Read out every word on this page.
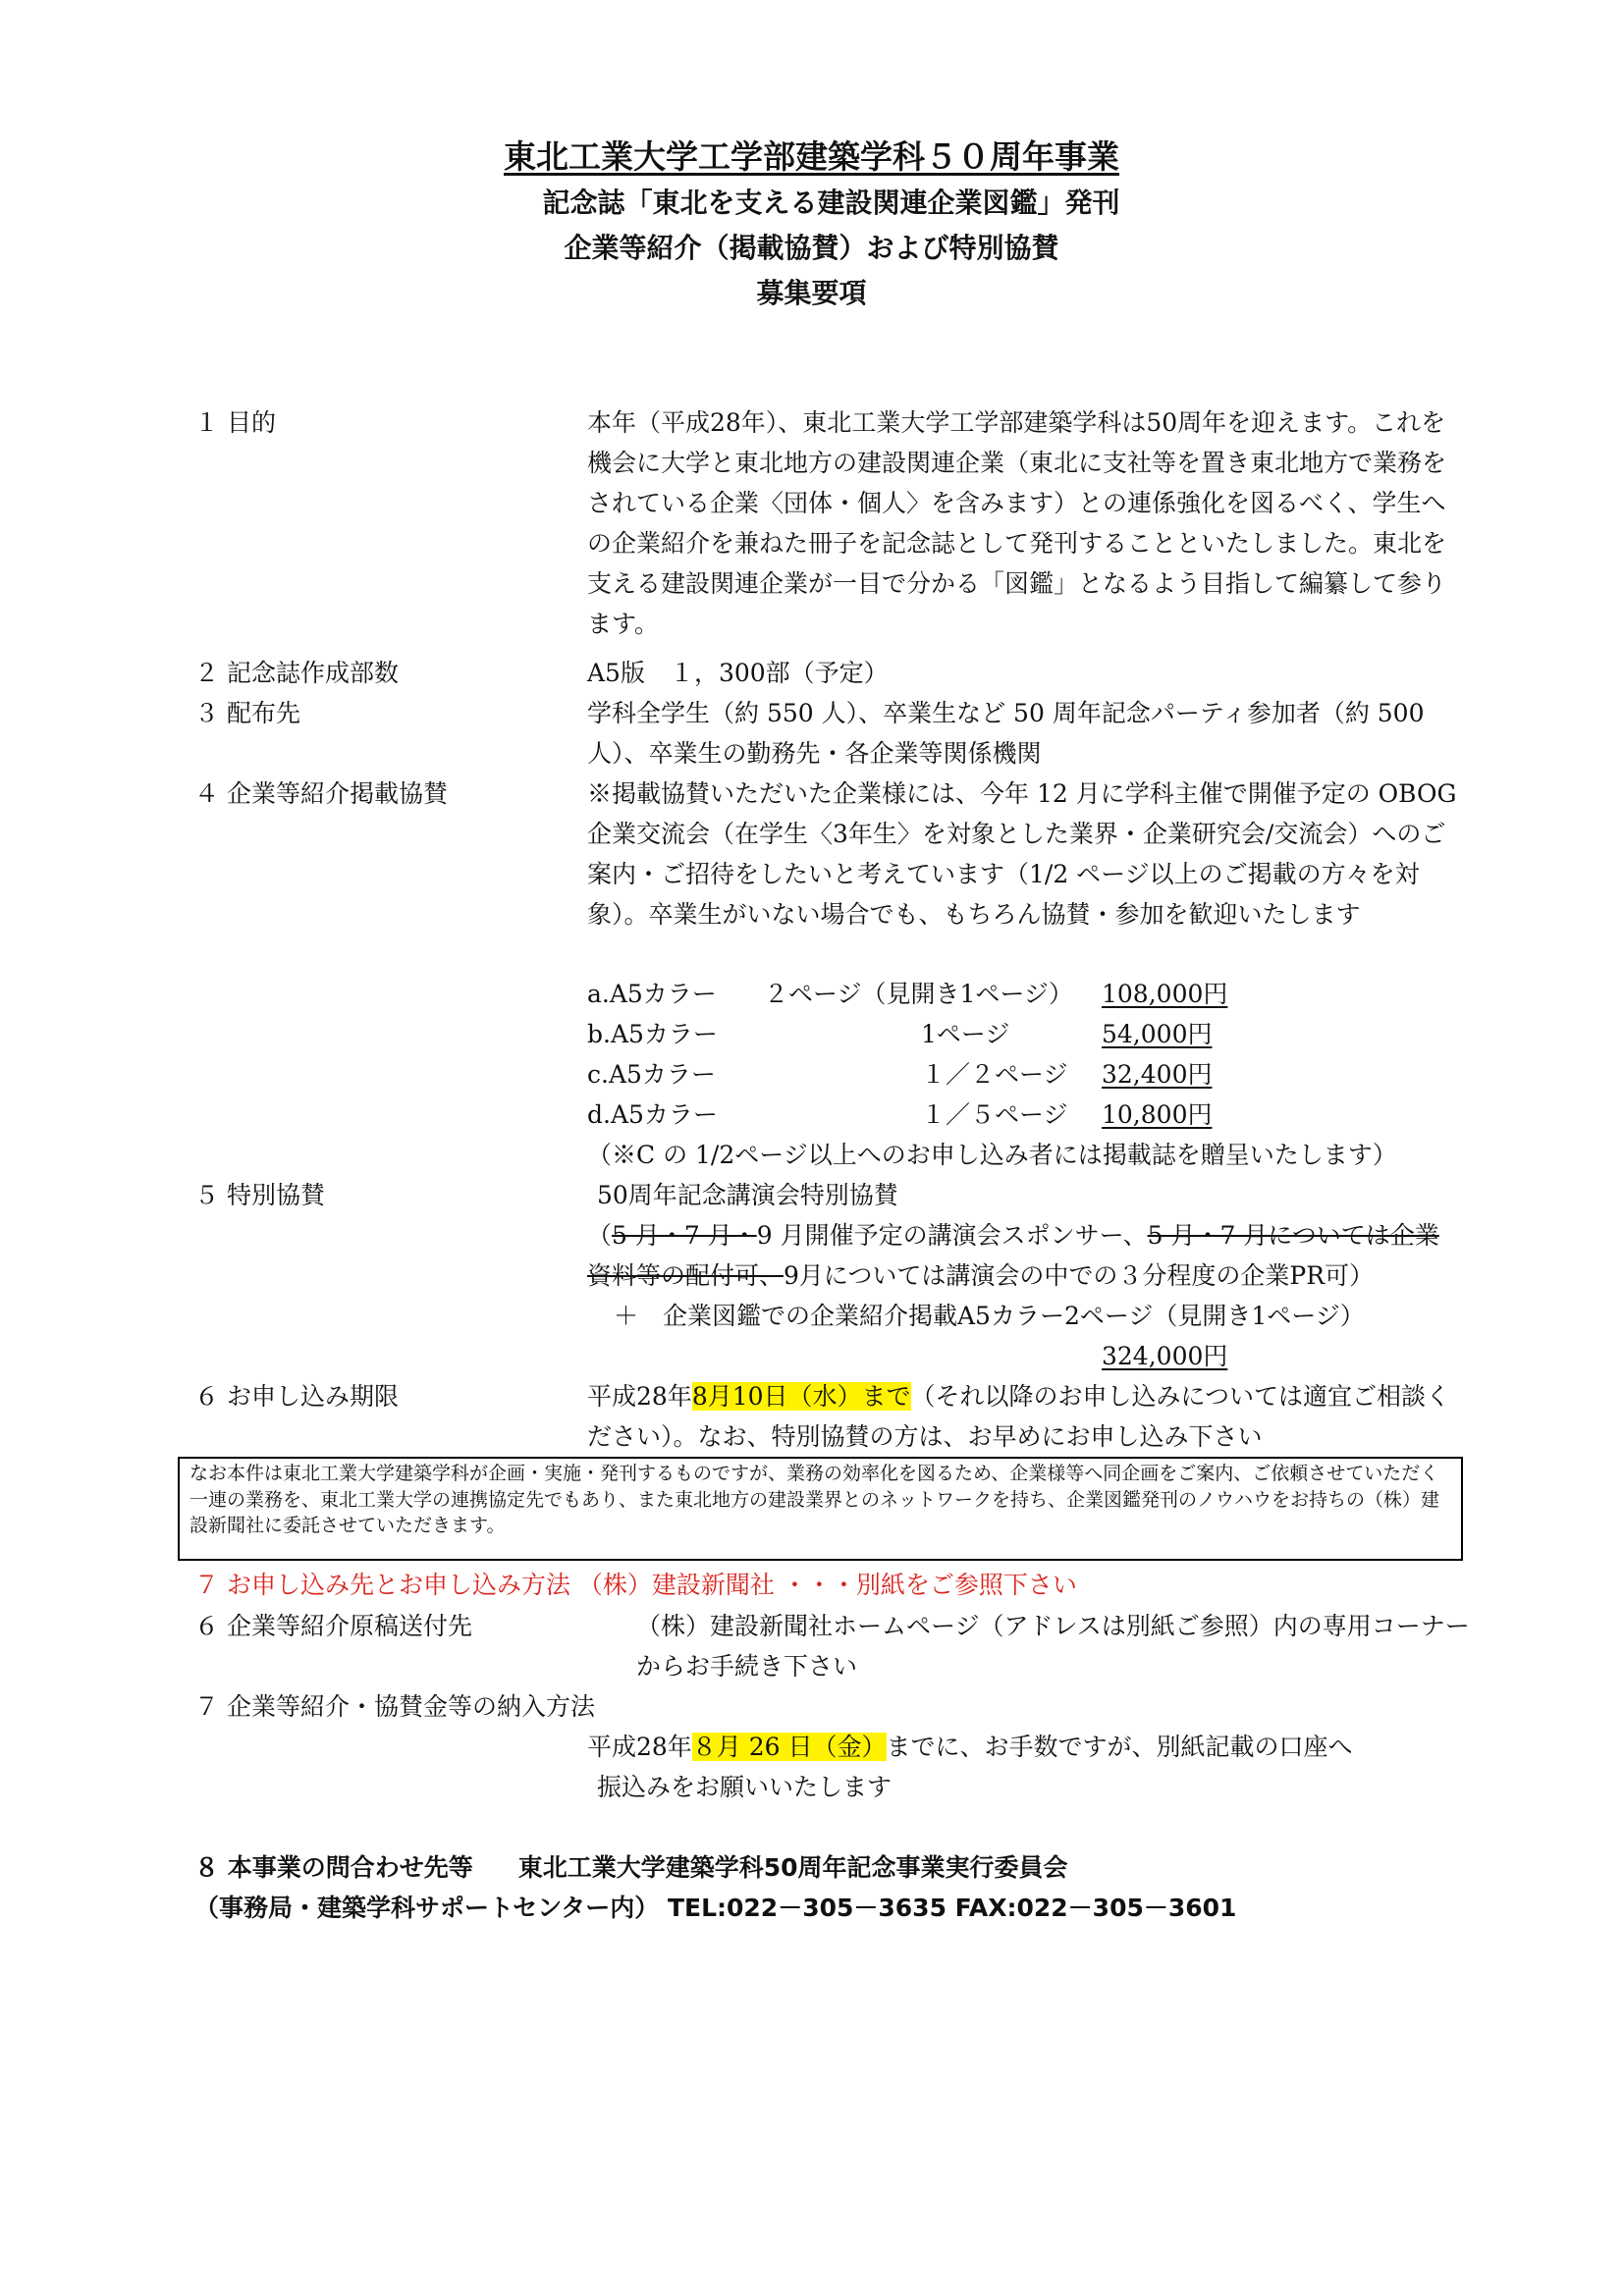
東北工業大学工学部建築学科５０周年事業
記念誌「東北を支える建設関連企業図鑑」発刊
企業等紹介（掲載協賛）および特別協賛
募集要項
１ 目的	本年（平成28年）、東北工業大学工学部建築学科は50周年を迎えます。これを機会に大学と東北地方の建設関連企業（東北に支社等を置き東北地方で業務をされている企業〈団体・個人〉を含みます）との連係強化を図るべく、学生への企業紹介を兼ねた冊子を記念誌として発刊することといたしました。東北を支える建設関連企業が一目で分かる「図鑑」となるよう目指して編纂して参ります。
２ 記念誌作成部数	A5版　１，300部（予定）
３ 配布先	学科全学生（約 550 人）、卒業生など 50 周年記念パーティ参加者（約 500 人）、卒業生の勤務先・各企業等関係機関
４ 企業等紹介掲載協賛	※掲載協賛いただいた企業様には、今年 12 月に学科主催で開催予定の OBOG 企業交流会（在学生〈3年生〉を対象とした業界・企業研究会/交流会）へのご案内・ご招待をしたいと考えています（1/2 ページ以上のご掲載の方々を対象）。卒業生がいない場合でも、もちろん協賛・参加を歓迎いたします
a.A5カラー ２ページ（見開き1ページ） 108,000円
b.A5カラー	1ページ	54,000円
c.A5カラー	１／２ページ 32,400円
d.A5カラー	１／５ページ 10,800円
（※C の 1/2ページ以上へのお申し込み者には掲載誌を贈呈いたします）
５ 特別協賛	50周年記念講演会特別協賛
（5 月・7 月・9 月開催予定の講演会スポンサー、5 月・7 月については企業
資料等の配付可、9月については講演会の中での３分程度の企業PR可）
＋　企業図鑑での企業紹介掲載A5カラー2ページ（見開き1ページ）
324,000円
６ お申し込み期限	平成28年8月10日（水）まで（それ以降のお申し込みについては適宜ご相談ください）。なお、特別協賛の方は、お早めにお申し込み下さい
なお本件は東北工業大学建築学科が企画・実施・発刊するものですが、業務の効率化を図るため、企業様等へ同企画をご案内、ご依頼させていただく一連の業務を、東北工業大学の連携協定先でもあり、また東北地方の建設業界とのネットワークを持ち、企業図鑑発刊のノウハウをお持ちの（株）建設新聞社に委託させていただきます。
７ お申し込み先とお申し込み方法 （株）建設新聞社 ・・・別紙をご参照下さい
６ 企業等紹介原稿送付先	（株）建設新聞社ホームページ（アドレスは別紙ご参照）内の専用コーナーからお手続き下さい
７ 企業等紹介・協賛金等の納入方法
平成28年８月 26 日（金）までに、お手数ですが、別紙記載の口座へ
振込みをお願いいたします
８ 本事業の問合わせ先等 東北工業大学建築学科50周年記念事業実行委員会
（事務局・建築学科サポートセンター内） TEL:022－305－3635 FAX:022－305－3601
